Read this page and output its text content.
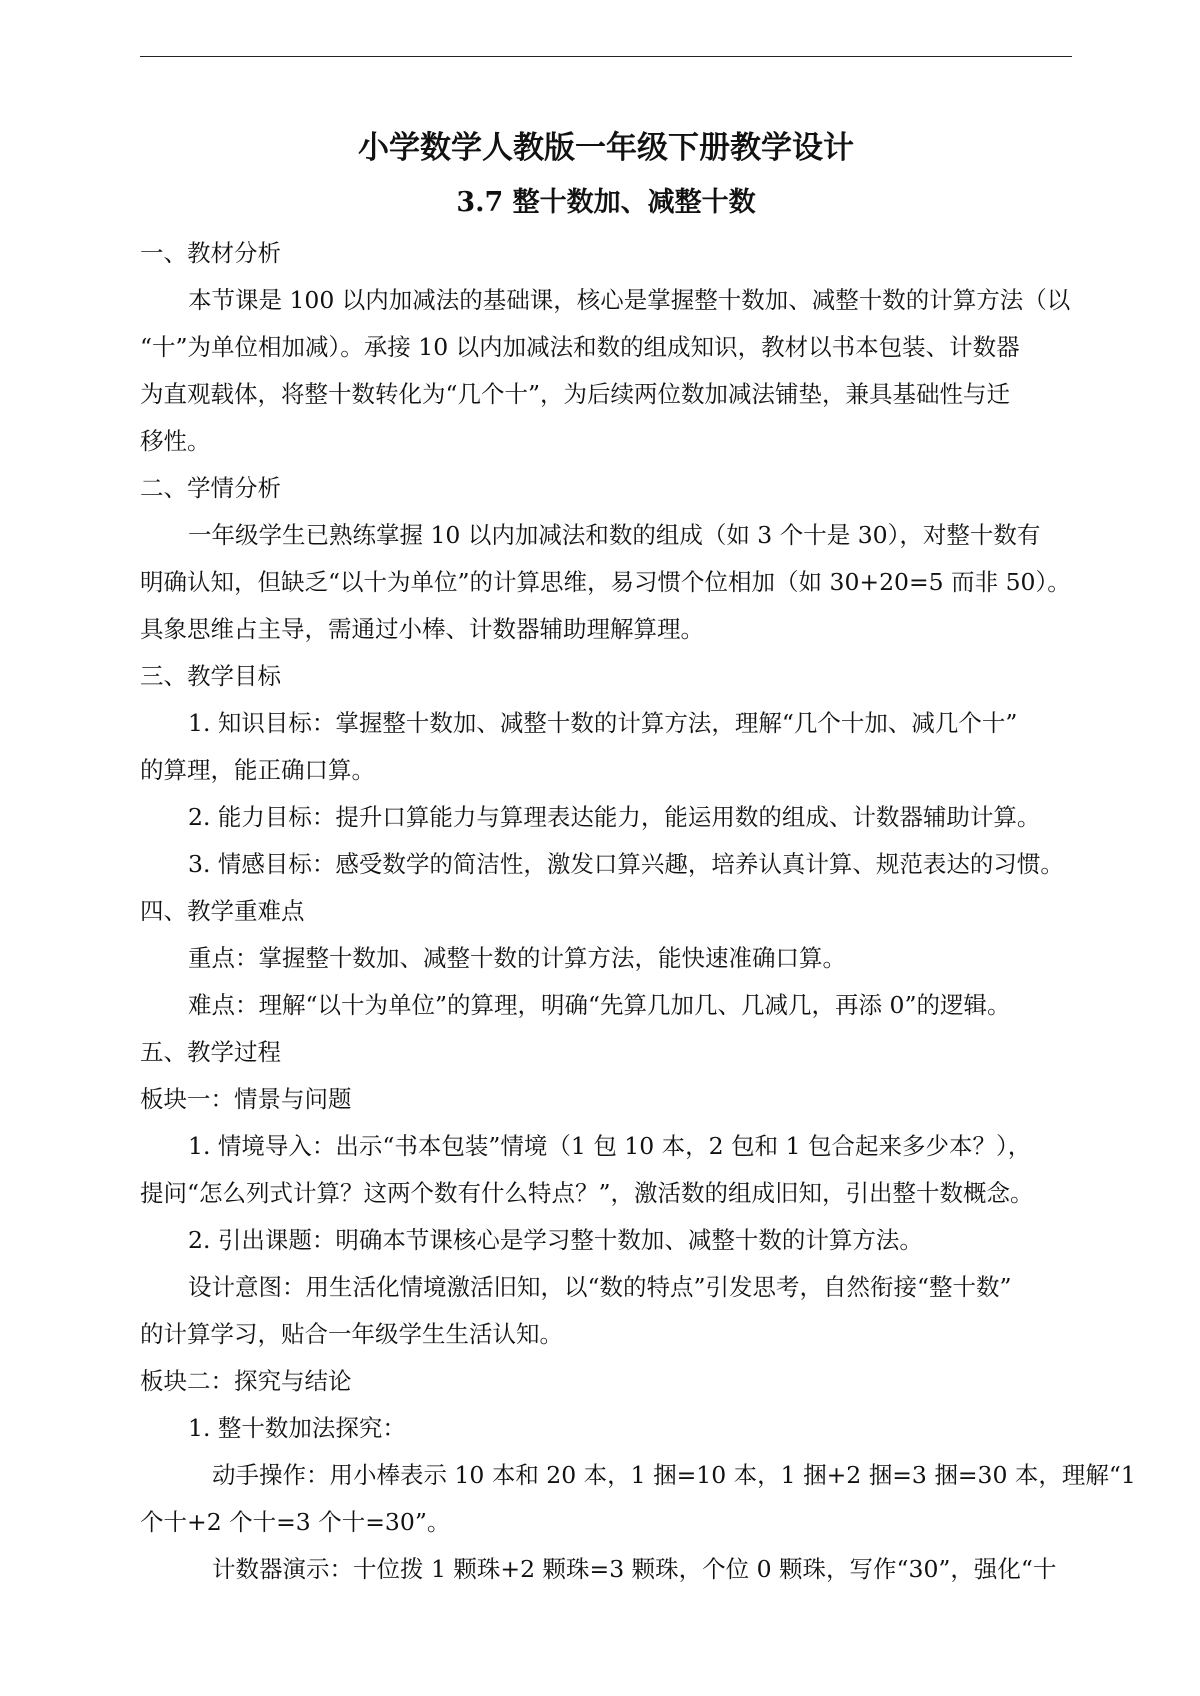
小学数学人教版一年级下册教学设计
3.7 整十数加、减整十数

一、教材分析

本节课是 100 以内加减法的基础课，核心是掌握整十数加、减整十数的计算方法（以

“十”为单位相加减）。承接 10 以内加减法和数的组成知识，教材以书本包装、计数器

为直观载体，将整十数转化为“几个十”，为后续两位数加减法铺垫，兼具基础性与迁

移性。

二、学情分析

一年级学生已熟练掌握 10 以内加减法和数的组成（如 3 个十是 30），对整十数有

明确认知，但缺乏“以十为单位”的计算思维，易习惯个位相加（如 30+20=5 而非 50）。

具象思维占主导，需通过小棒、计数器辅助理解算理。

三、教学目标

1. 知识目标：掌握整十数加、减整十数的计算方法，理解“几个十加、减几个十”

的算理，能正确口算。

2. 能力目标：提升口算能力与算理表达能力，能运用数的组成、计数器辅助计算。

3. 情感目标：感受数学的简洁性，激发口算兴趣，培养认真计算、规范表达的习惯。

四、教学重难点

重点：掌握整十数加、减整十数的计算方法，能快速准确口算。

难点：理解“以十为单位”的算理，明确“先算几加几、几减几，再添 0”的逻辑。

五、教学过程

板块一：情景与问题

1. 情境导入：出示“书本包装”情境（1 包 10 本，2 包和 1 包合起来多少本？），

提问“怎么列式计算？这两个数有什么特点？”，激活数的组成旧知，引出整十数概念。

2. 引出课题：明确本节课核心是学习整十数加、减整十数的计算方法。

设计意图：用生活化情境激活旧知，以“数的特点”引发思考，自然衔接“整十数”

的计算学习，贴合一年级学生生活认知。

板块二：探究与结论

1. 整十数加法探究：

动手操作：用小棒表示 10 本和 20 本，1 捆=10 本，1 捆+2 捆=3 捆=30 本，理解“1

个十+2 个十=3 个十=30”。

计数器演示：十位拨 1 颗珠+2 颗珠=3 颗珠，个位 0 颗珠，写作“30”，强化“十
